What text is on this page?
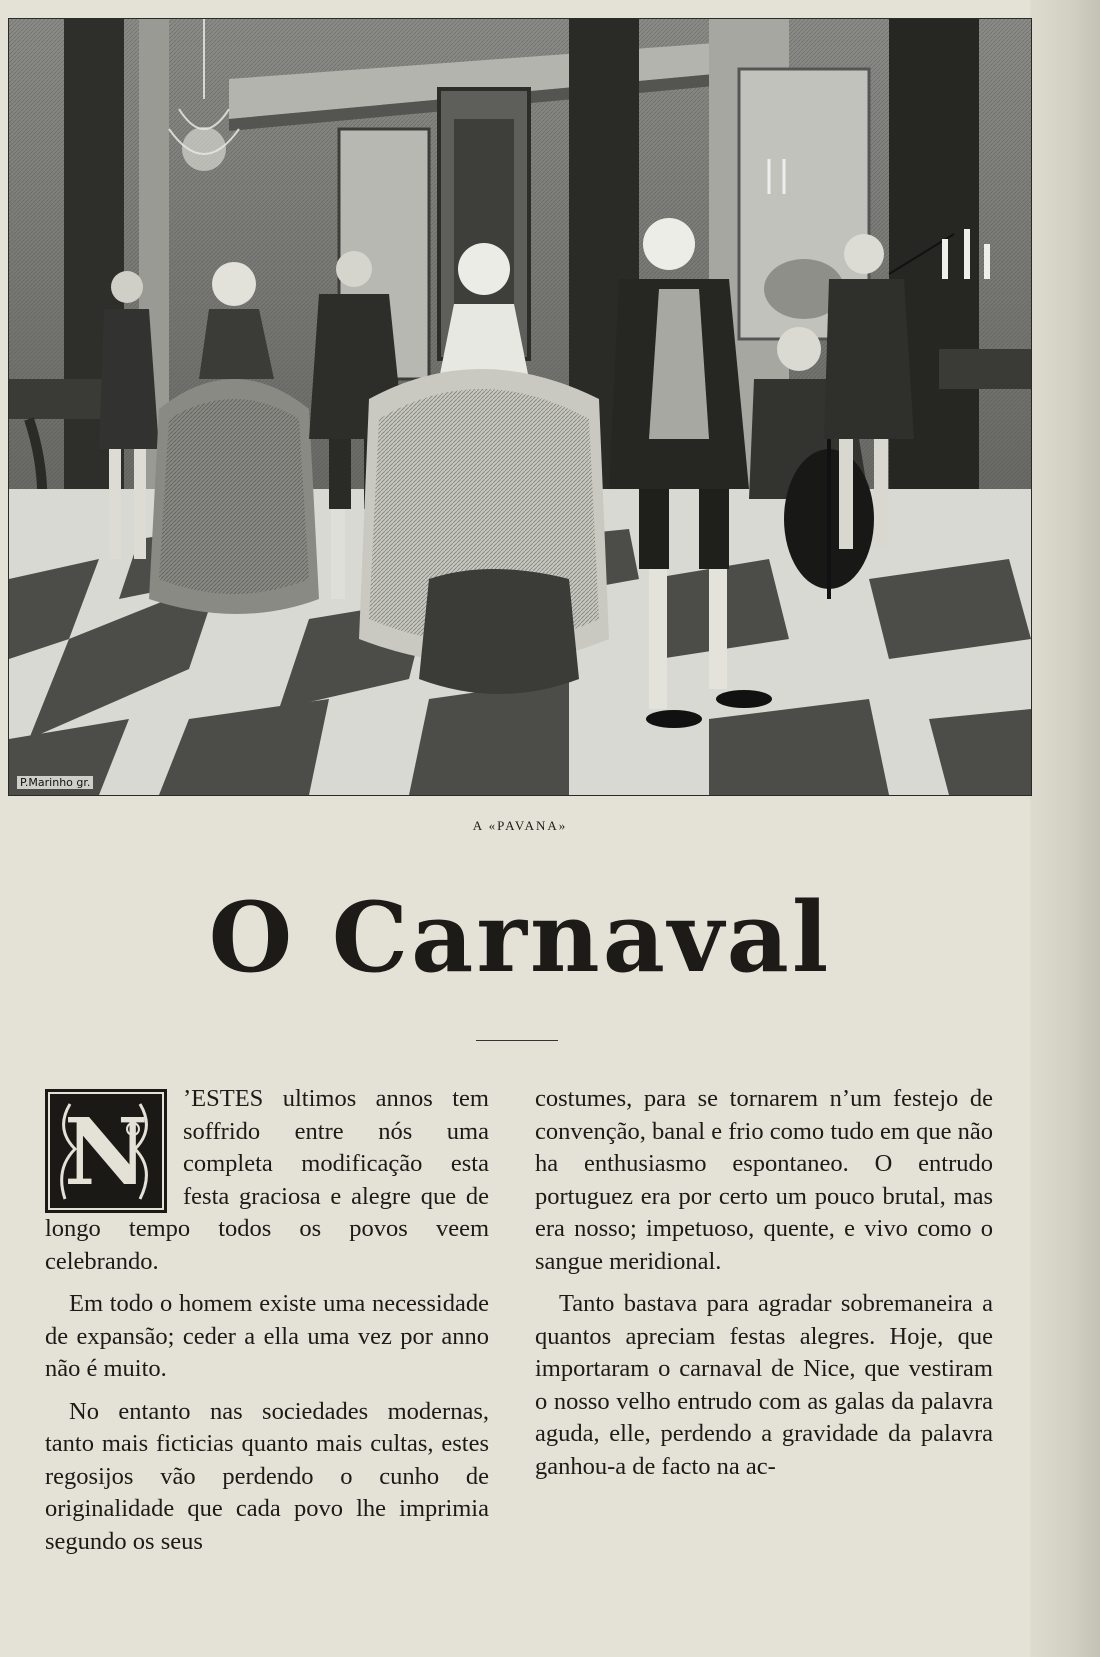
P.Marinho gr.
A «PAVANA»
O Carnaval

N ’ESTES ultimos annos tem soffrido entre nós uma completa modificação esta festa graciosa e alegre que de longo tempo todos os povos veem celebrando.

Em todo o homem existe uma necessidade de expansão; ceder a ella uma vez por anno não é muito.

No entanto nas sociedades modernas, tanto mais ficticias quanto mais cultas, estes regosijos vão perdendo o cunho de originalidade que cada povo lhe imprimia segundo os seus

costumes, para se tornarem n’um festejo de convenção, banal e frio como tudo em que não ha enthusiasmo espontaneo. O entrudo portuguez era por certo um pouco brutal, mas era nosso; impetuoso, quente, e vivo como o sangue meridional.

Tanto bastava para agradar sobremaneira a quantos apreciam festas alegres. Hoje, que importaram o carnaval de Nice, que vestiram o nosso velho entrudo com as galas da palavra aguda, elle, perdendo a gravidade da palavra ganhou-a de facto na ac-
